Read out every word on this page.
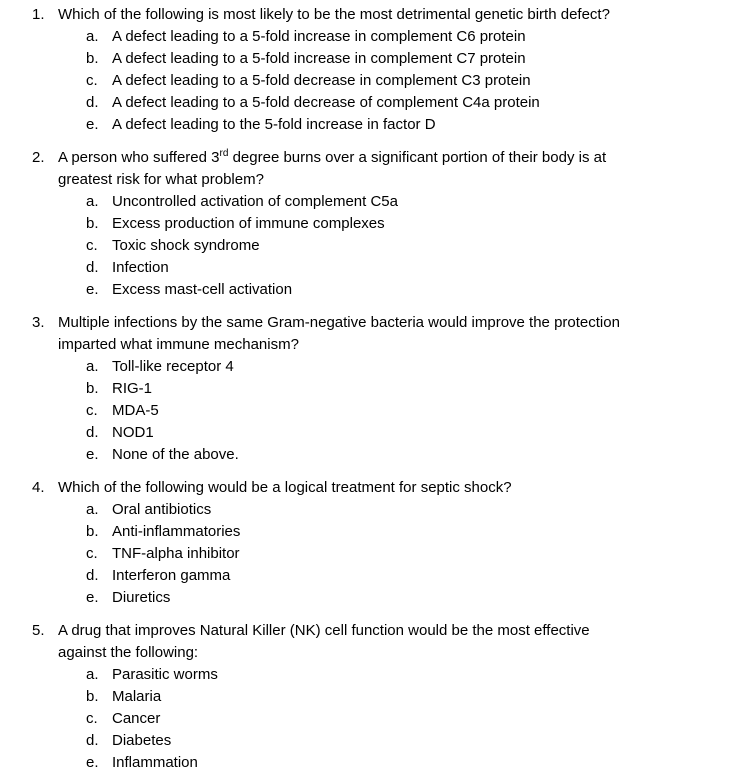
1. Which of the following is most likely to be the most detrimental genetic birth defect?
a. A defect leading to a 5-fold increase in complement C6 protein
b. A defect leading to a 5-fold increase in complement C7 protein
c. A defect leading to a 5-fold decrease in complement C3 protein
d. A defect leading to a 5-fold decrease of complement C4a protein
e. A defect leading to the 5-fold increase in factor D
2. A person who suffered 3rd degree burns over a significant portion of their body is at
greatest risk for what problem?
a. Uncontrolled activation of complement C5a
b. Excess production of immune complexes
c. Toxic shock syndrome
d. Infection
e. Excess mast-cell activation
3. Multiple infections by the same Gram-negative bacteria would improve the protection
imparted what immune mechanism?
a. Toll-like receptor 4
b. RIG-1
c. MDA-5
d. NOD1
e. None of the above.
4. Which of the following would be a logical treatment for septic shock?
a. Oral antibiotics
b. Anti-inflammatories
c. TNF-alpha inhibitor
d. Interferon gamma
e. Diuretics
5. A drug that improves Natural Killer (NK) cell function would be the most effective
against the following:
a. Parasitic worms
b. Malaria
c. Cancer
d. Diabetes
e. Inflammation
